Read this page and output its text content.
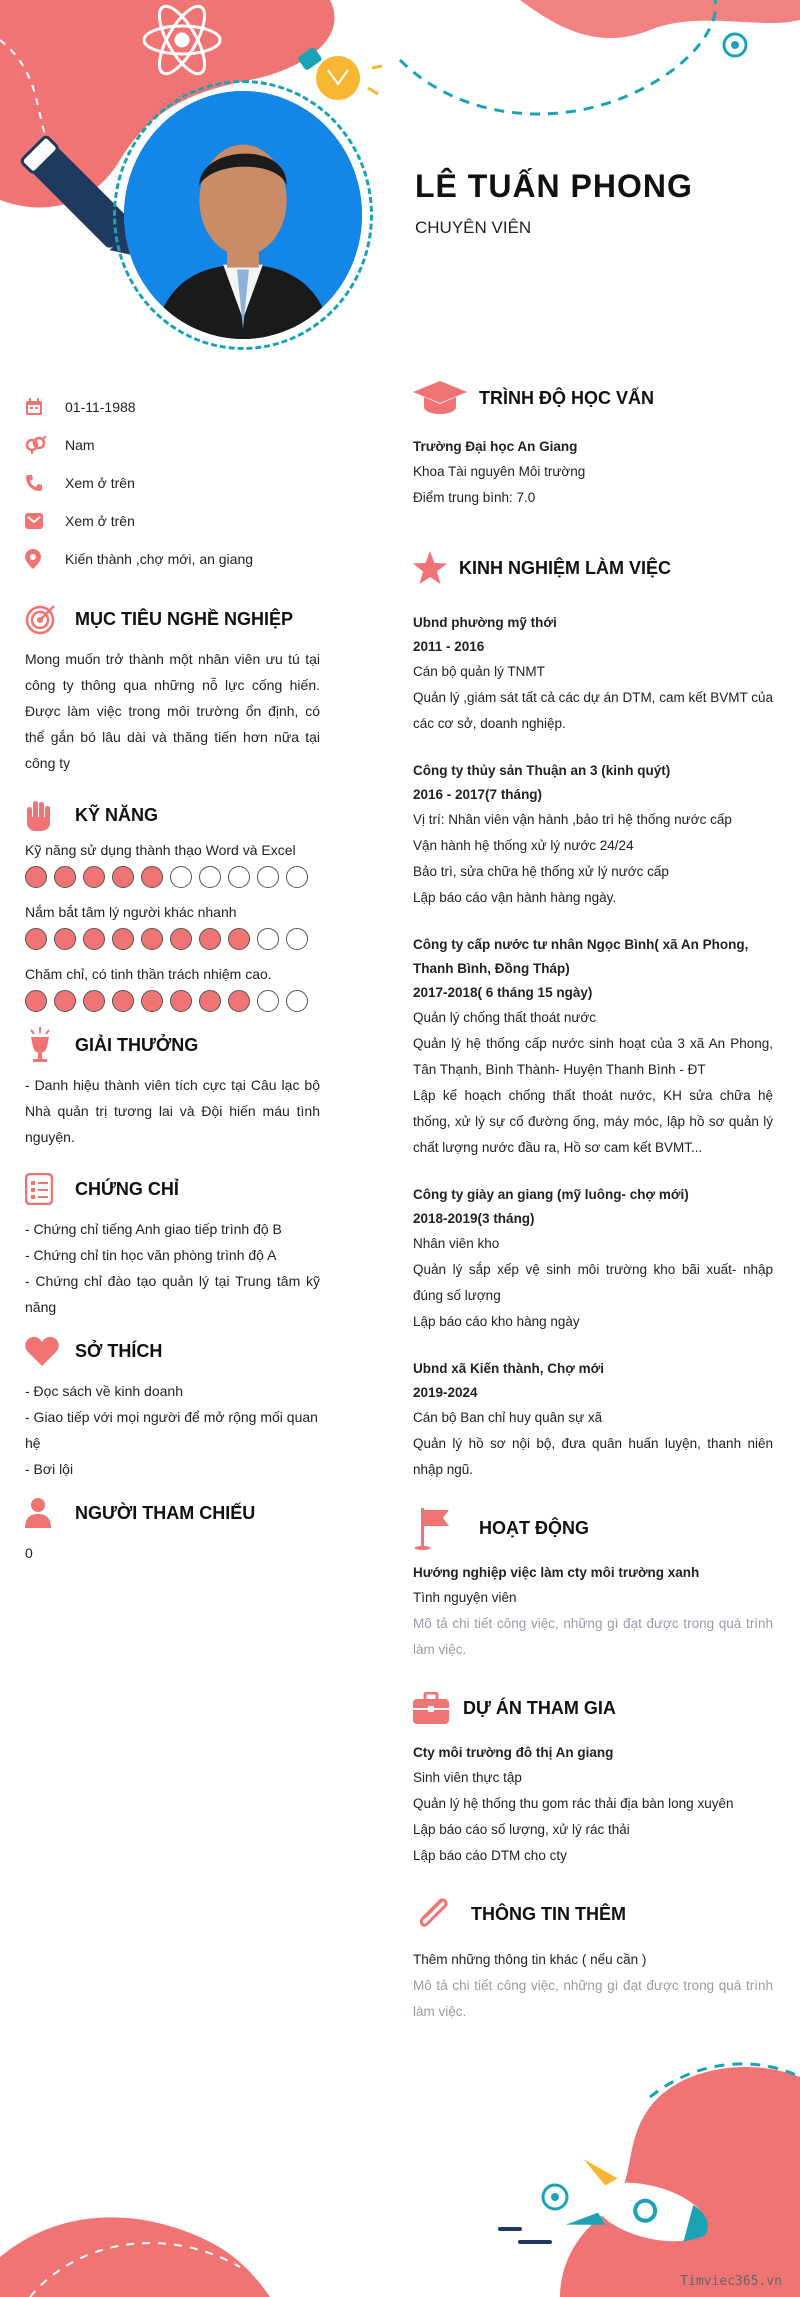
LÊ TUẤN PHONG
CHUYÊN VIÊN
01-11-1988
Nam
Xem ở trên
Xem ở trên
Kiến thành ,chợ mới, an giang
MỤC TIÊU NGHỀ NGHIỆP
Mong muốn trở thành một nhân viên ưu tú tại công ty thông qua những nỗ lực cống hiến. Được làm việc trong môi trường ổn định, có thể gắn bó lâu dài và thăng tiến hơn nữa tại công ty
KỸ NĂNG
Kỹ năng sử dụng thành thạo Word và Excel
Nắm bắt tâm lý người khác nhanh
Chăm chỉ, có tinh thần trách nhiệm cao.
GIẢI THƯỞNG
- Danh hiệu thành viên tích cực tại Câu lạc bộ Nhà quản trị tương lai và Đội hiến máu tình nguyện.
CHỨNG CHỈ
- Chứng chỉ tiếng Anh giao tiếp trình độ B
- Chứng chỉ tin học văn phòng trình độ A
- Chứng chỉ đào tạo quản lý tại Trung tâm kỹ năng
SỞ THÍCH
- Đọc sách về kinh doanh
- Giao tiếp với mọi người để mở rộng mối quan hệ
- Bơi lội
NGƯỜI THAM CHIẾU
0
TRÌNH ĐỘ HỌC VẤN
Trường Đại học An Giang
Khoa Tài nguyên Môi trường
Điểm trung bình: 7.0
KINH NGHIỆM LÀM VIỆC
Ubnd phường mỹ thới
2011 - 2016
Cán bộ quản lý TNMT
Quản lý ,giám sát tất cả các dự án DTM, cam kết BVMT của các cơ sở, doanh nghiệp.
Công ty thủy sản Thuận an 3 (kinh quýt)
2016 - 2017(7 tháng)
Vị trí: Nhân viên vận hành ,bảo trì hệ thống nước cấp
Vận hành hệ thống xử lý nước 24/24
Bảo trì, sửa chữa hệ thống xử lý nước cấp
Lập báo cáo vận hành hàng ngày.
Công ty cấp nước tư nhân Ngọc Bình( xã An Phong, Thanh Bình, Đồng Tháp)
2017-2018( 6 tháng 15 ngày)
Quản lý chống thất thoát nước
Quản lý hệ thống cấp nước sinh hoạt của 3 xã An Phong, Tân Thạnh, Bình Thành- Huyện Thanh Bình - ĐT
Lập kế hoạch chống thất thoát nước, KH sửa chữa hệ thống, xử lý sự cố đường ống, máy móc, lập hồ sơ quản lý chất lượng nước đầu ra, Hồ sơ cam kết BVMT...
Công ty giày an giang (mỹ luông- chợ mới)
2018-2019(3 tháng)
Nhân viên kho
Quản lý sắp xếp vệ sinh môi trường kho bãi xuất- nhập đúng số lượng
Lập báo cáo kho hàng ngày
Ubnd xã Kiến thành, Chợ mới
2019-2024
Cán bộ Ban chỉ huy quân sự xã
Quản lý hồ sơ nội bộ, đưa quân huấn luyện, thanh niên nhập ngũ.
HOẠT ĐỘNG
Hướng nghiệp việc làm cty môi trường xanh
Tình nguyện viên
Mô tả chi tiết công việc, những gì đạt được trong quá trình làm việc.
DỰ ÁN THAM GIA
Cty môi trường đô thị An giang
Sinh viên thực tập
Quản lý hệ thống thu gom rác thải địa bàn long xuyên
Lập báo cáo số lượng, xử lý rác thải
Lập báo cáo DTM cho cty
THÔNG TIN THÊM
Thêm những thông tin khác ( nếu cần )
Mô tả chi tiết công việc, những gì đạt được trong quá trình làm việc.
Timviec365.vn
